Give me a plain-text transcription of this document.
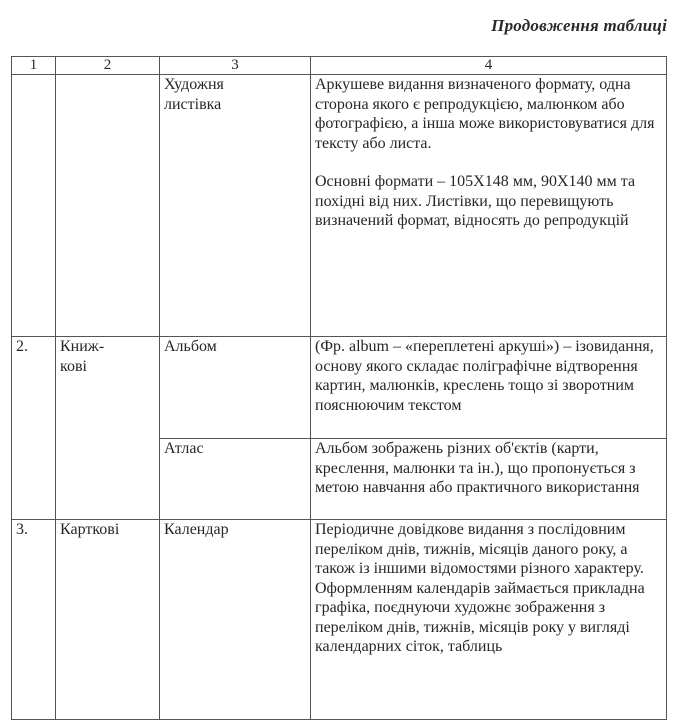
Продовження таблиці
1	2	3	4

		Художня листівка	Аркушеве видання визначеного формату, одна сторона якого є репродукцією, малюнком або фотографією, а інша може використовуватися для тексту або листа.
Основні формати – 105Х148 мм, 90Х140 мм та похідні від них. Листівки, що перевищують визначений формат, відносять до репродукцій

2.	Книж-кові	Альбом	(Фр. album – «переплетені аркуші») – ізовидання, основу якого складає поліграфічне відтворення картин, малюнків, креслень тощо зі зворотним пояснюючим текстом

		Атлас	Альбом зображень різних об'єктів (карти, креслення, малюнки та ін.), що пропонується з метою навчання або практичного використання

3.	Карткові	Календар	Періодичне довідкове видання з послідовним переліком днів, тижнів, місяців даного року, а також із іншими відомостями різного характеру.
Оформленням календарів займається прикладна графіка, поєднуючи художнє зображення з переліком днів, тижнів, місяців року у вигляді календарних сіток, таблиць
